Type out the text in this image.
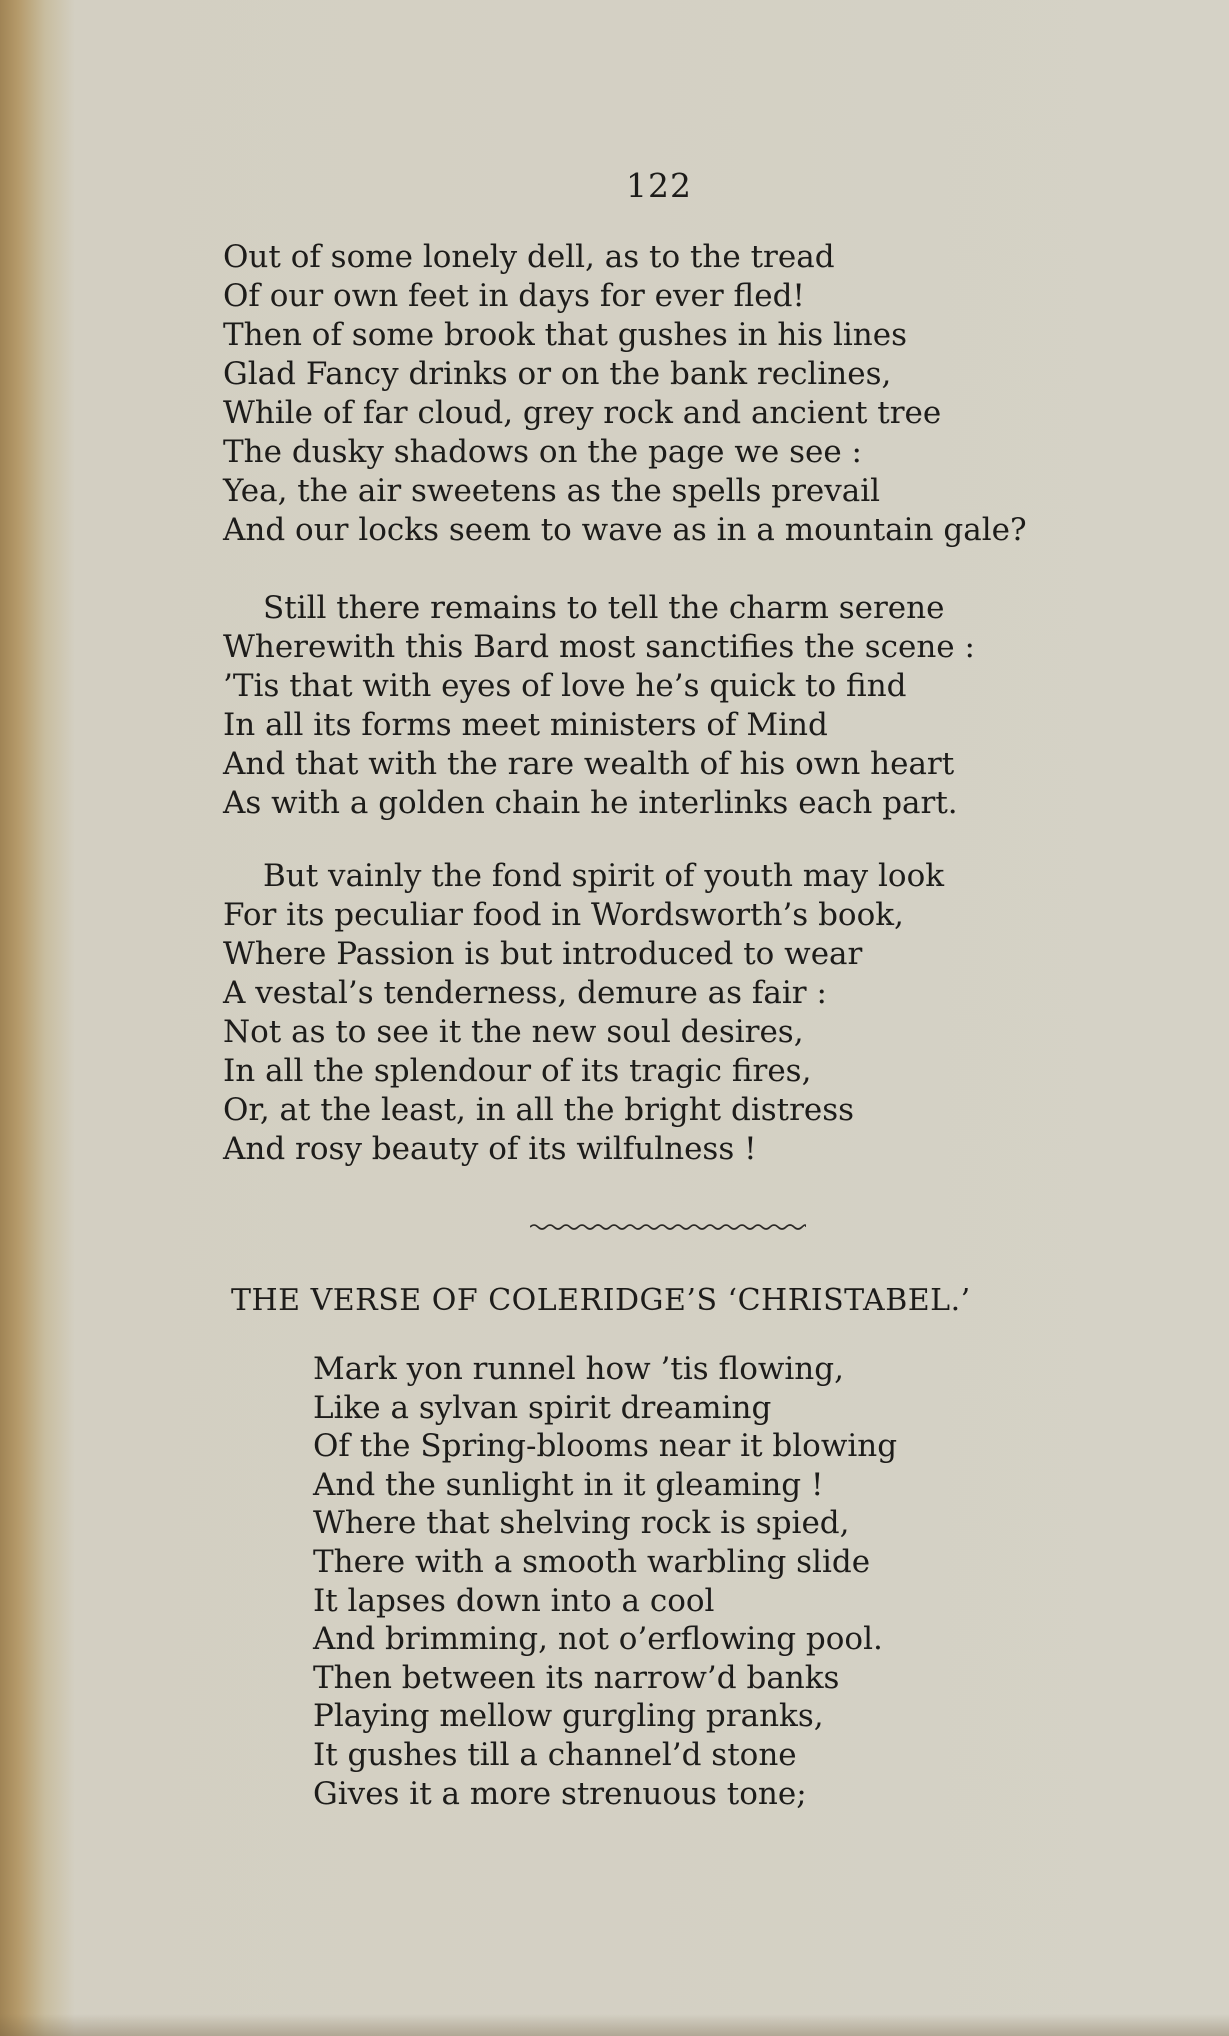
122
Out of some lonely dell, as to the tread
Of our own feet in days for ever fled!
Then of some brook that gushes in his lines
Glad Fancy drinks or on the bank reclines,
While of far cloud, grey rock and ancient tree
The dusky shadows on the page we see :
Yea, the air sweetens as the spells prevail
And our locks seem to wave as in a mountain gale?
Still there remains to tell the charm serene
Wherewith this Bard most sanctifies the scene :
’Tis that with eyes of love he’s quick to find
In all its forms meet ministers of Mind
And that with the rare wealth of his own heart
As with a golden chain he interlinks each part.
But vainly the fond spirit of youth may look
For its peculiar food in Wordsworth’s book,
Where Passion is but introduced to wear
A vestal’s tenderness, demure as fair :
Not as to see it the new soul desires,
In all the splendour of its tragic fires,
Or, at the least, in all the bright distress
And rosy beauty of its wilfulness !
THE VERSE OF COLERIDGE’S ‘CHRISTABEL.’
Mark yon runnel how ’tis flowing,
Like a sylvan spirit dreaming
Of the Spring-blooms near it blowing
And the sunlight in it gleaming !
Where that shelving rock is spied,
There with a smooth warbling slide
It lapses down into a cool
And brimming, not o’erflowing pool.
Then between its narrow’d banks
Playing mellow gurgling pranks,
It gushes till a channel’d stone
Gives it a more strenuous tone;
